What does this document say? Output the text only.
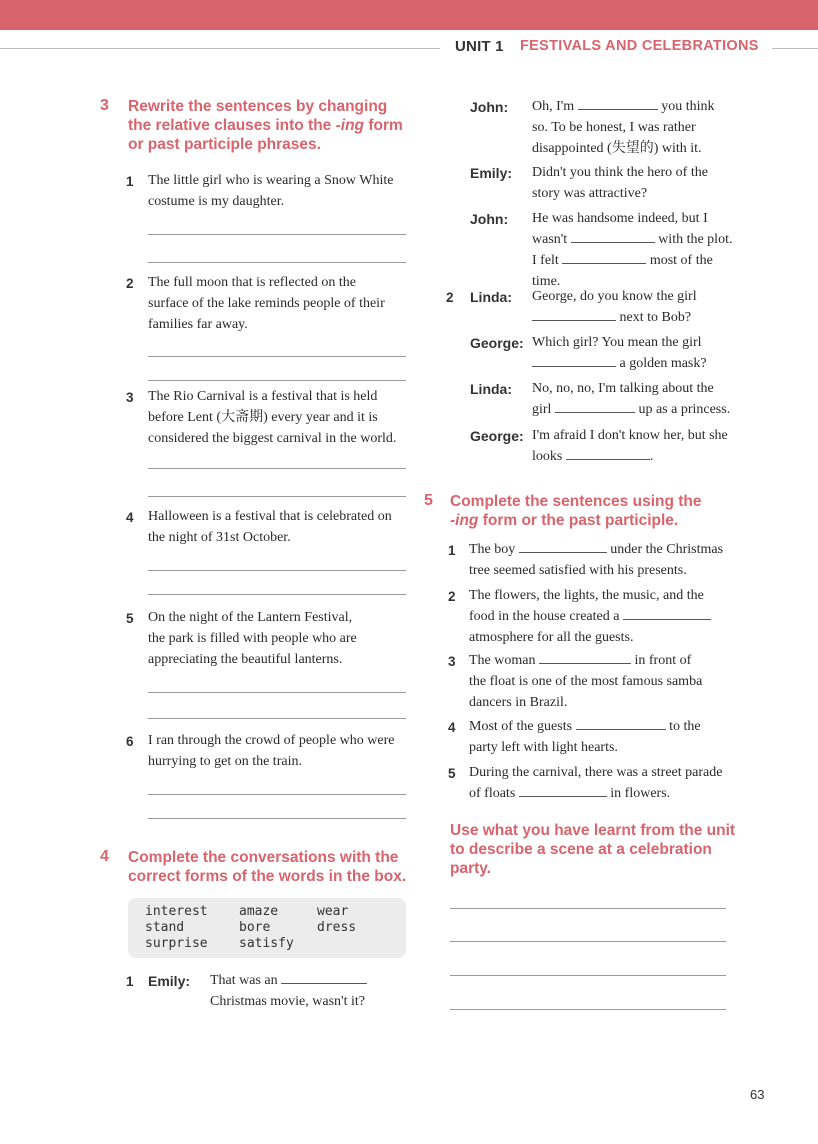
UNIT 1 FESTIVALS AND CELEBRATIONS
3 Rewrite the sentences by changing
the relative clauses into the -ing form
or past participle phrases.
1 The little girl who is wearing a Snow White
costume is my daughter.
2 The full moon that is reflected on the
surface of the lake reminds people of their
families far away.
3 The Rio Carnival is a festival that is held
before Lent (大斋期) every year and it is
considered the biggest carnival in the world.
4 Halloween is a festival that is celebrated on
the night of 31st October.
5 On the night of the Lantern Festival,
the park is filled with people who are
appreciating the beautiful lanterns.
6 I ran through the crowd of people who were
hurrying to get on the train.
4 Complete the conversations with the
correct forms of the words in the box.
interest amaze	wear
stand	bore	dress
surprise satisfy
1 Emily: That was an
Christmas movie, wasn't it?
John: Oh, I'm	you think
so. To be honest, I was rather
disappointed (失望的) with it.
Emily: Didn't you think the hero of the
story was attractive?
John: He was handsome indeed, but I
wasn't	with the plot.
I felt	most of the time.
2 Linda: George, do you know the girl
next to Bob?
George: Which girl? You mean the girl
a golden mask?
Linda: No, no, no, I'm talking about the
girl	up as a princess.
George: I'm afraid I don't know her, but she
looks	.
5 Complete the sentences using the
-ing form or the past participle.
1 The boy	under the Christmas
tree seemed satisfied with his presents.
2 The flowers, the lights, the music, and the
food in the house created a
atmosphere for all the guests.
3 The woman	in front of
the float is one of the most famous samba
dancers in Brazil.
4 Most of the guests	to the
party left with light hearts.
5 During the carnival, there was a street parade
of floats	in flowers.
Use what you have learnt from the unit
to describe a scene at a celebration
party.
63
